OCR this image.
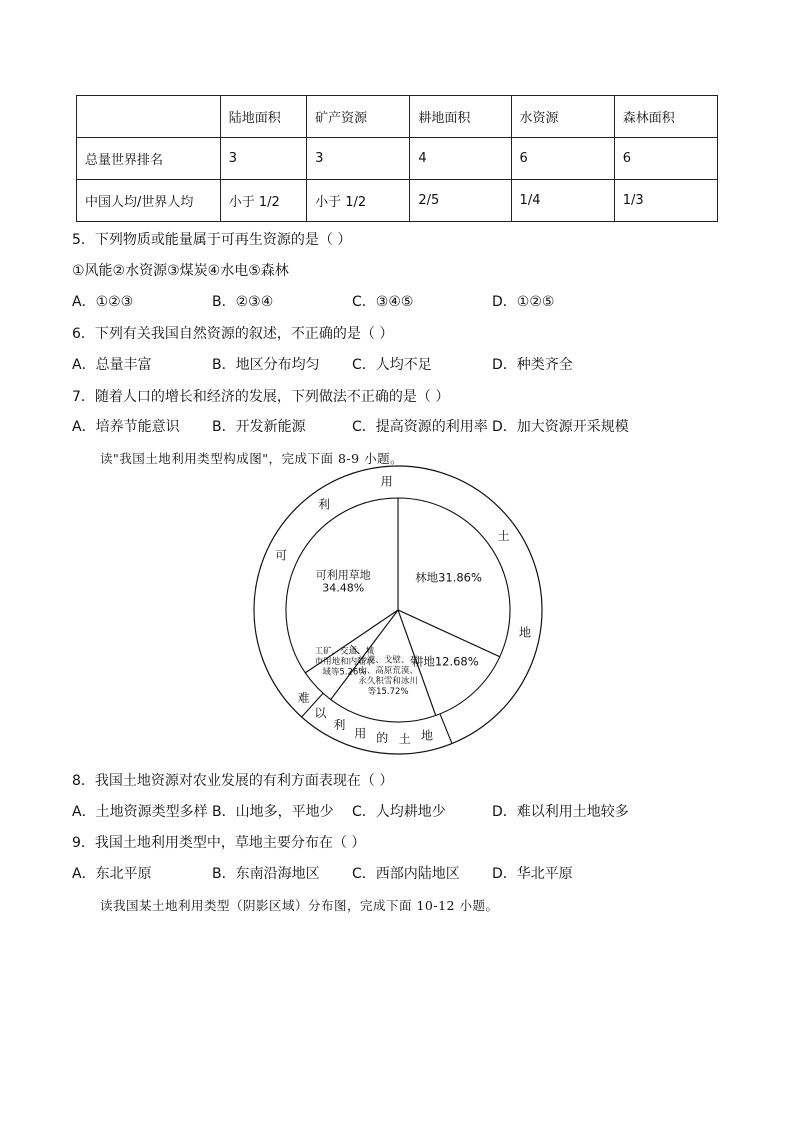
	陆地面积	矿产资源	耕地面积	水资源	森林面积
总量世界排名	3	3	4	6	6
中国人均/世界人均	小于 1/2	小于 1/2	2/5	1/4	1/3
5．下列物质或能量属于可再生资源的是（ ）
①风能②水资源③煤炭④水电⑤森林
A．①②③	B．②③④	C．③④⑤	D．①②⑤
6．下列有关我国自然资源的叙述，不正确的是（ ）
A．总量丰富	B．地区分布均匀 C．人均不足	D．种类齐全
7．随着人口的增长和经济的发展，下列做法不正确的是（ ）
A．培养节能意识 B．开发新能源	C．提高资源的利用率 D．加大资源开采规模
读"我国土地利用类型构成图"，完成下面 8-9 小题。
林地31.86%
耕地12.68%
沙漠、戈壁、石
山、高原荒漠、
永久积雪和冰川
等15.72%
工矿，交通、城
市用地和内陆水
域等5.26%
可利用草地
34.48%
可
利
用
土
地
难
以
利
用 的 土 地
8．我国土地资源对农业发展的有利方面表现在（ ）
A．土地资源类型多样 B．山地多，平地少 C．人均耕地少	D．难以利用土地较多
9．我国土地利用类型中，草地主要分布在（ ）
A．东北平原	B．东南沿海地区 C．西部内陆地区 D．华北平原
读我国某土地利用类型（阴影区域）分布图，完成下面 10-12 小题。
